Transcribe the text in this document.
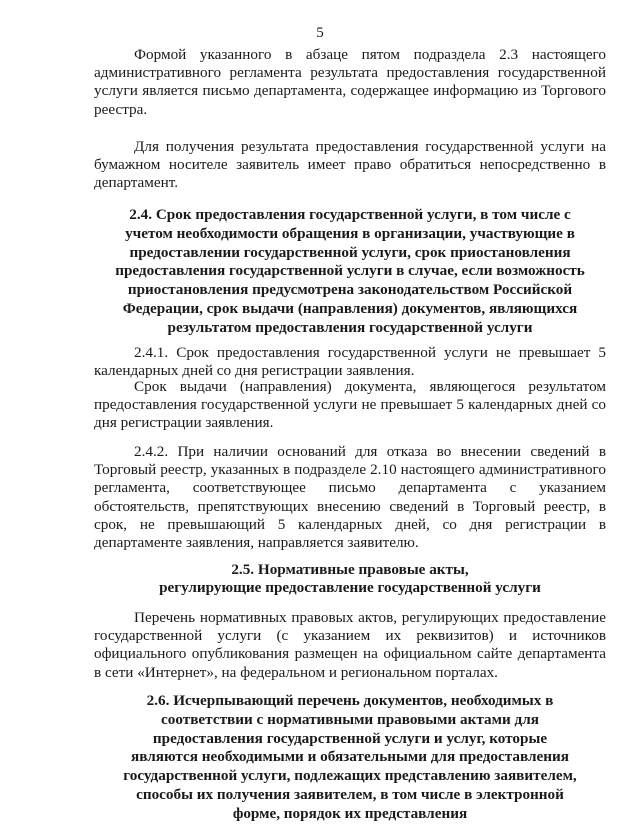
5

Формой указанного в абзаце пятом подраздела 2.3 настоящего административного регламента результата предоставления государственной услуги является письмо департамента, содержащее информацию из Торгового реестра.

Для получения результата предоставления государственной услуги на бумажном носителе заявитель имеет право обратиться непосредственно в департамент.

2.4. Срок предоставления государственной услуги, в том числе с учетом необходимости обращения в организации, участвующие в предоставлении государственной услуги, срок приостановления предоставления государственной услуги в случае, если возможность приостановления предусмотрена законодательством Российской Федерации, срок выдачи (направления) документов, являющихся результатом предоставления государственной услуги

2.4.1. Срок предоставления государственной услуги не превышает 5 календарных дней со дня регистрации заявления.

Срок выдачи (направления) документа, являющегося результатом предоставления государственной услуги не превышает 5 календарных дней со дня регистрации заявления.

2.4.2. При наличии оснований для отказа во внесении сведений в Торговый реестр, указанных в подразделе 2.10 настоящего административного регламента, соответствующее письмо департамента с указанием обстоятельств, препятствующих внесению сведений в Торговый реестр, в срок, не превышающий 5 календарных дней, со дня регистрации в департаменте заявления, направляется заявителю.

2.5. Нормативные правовые акты,

регулирующие предоставление государственной услуги

Перечень нормативных правовых актов, регулирующих предоставление государственной услуги (с указанием их реквизитов) и источников официального опубликования размещен на официальном сайте департамента в сети «Интернет», на федеральном и региональном порталах.

2.6. Исчерпывающий перечень документов, необходимых в соответствии с нормативными правовыми актами для предоставления государственной услуги и услуг, которые являются необходимыми и обязательными для предоставления государственной услуги, подлежащих представлению заявителем, способы их получения заявителем, в том числе в электронной форме, порядок их представления
